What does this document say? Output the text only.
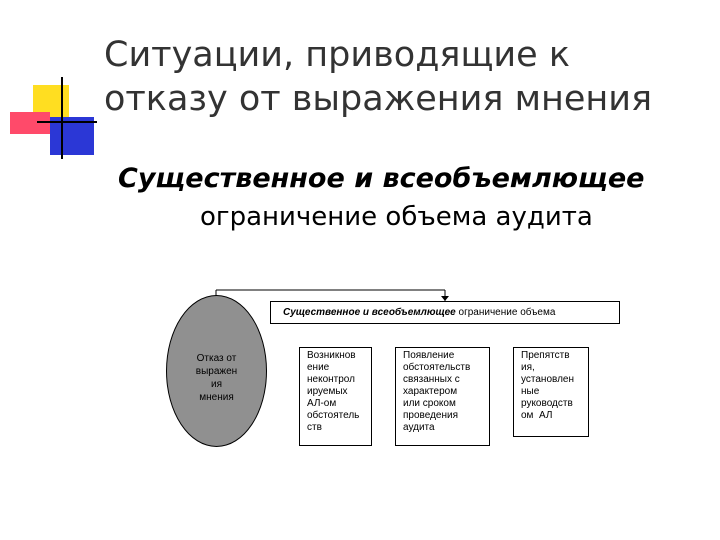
Ситуации, приводящие к
отказу от выражения мнения
Существенное и всеобъемлющее
ограничение объема аудита
Отказ от
выражен
ия
мнения
Существенное и всеобъемлющее ограничение объема
Возникнов
ение
неконтрол
ируемых
АЛ-ом
обстоятель
ств
Появление
обстоятельств
связанных с
характером
или сроком
проведения
аудита
Препятств
ия,
установлен
ные
руководств
ом  АЛ
